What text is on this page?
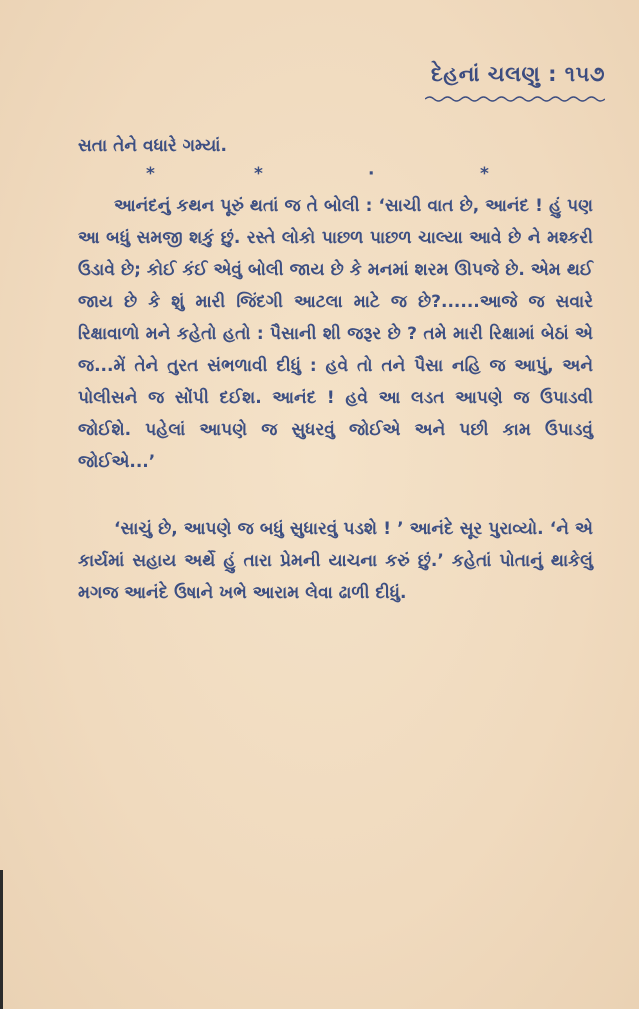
દેહનાં ચલણુ : ૧૫૭
સતા તેને વધારે ગમ્યાં.
*	*	·	*
આનંદનું કથન પૂરું થતાં જ તે બોલી : ‘સાચી વાત છે, આનંદ ! હું પણ આ બધું સમજી શકું છું. રસ્તે લોકો પાછળ પાછળ ચાલ્યા આવે છે ને મશ્કરી ઉડાવે છે; કોઈ કંઈ એવું બોલી જાય છે કે મનમાં શરમ ઊપજે છે. એમ થઈ જાય છે કે શું મારી જિંદગી આટલા માટે જ છે?......આજે જ સવારે રિક્ષાવાળો મને કહેતો હતો : પૈસાની શી જરૂર છે ? તમે મારી રિક્ષામાં બેઠાં એ જ...મેં તેને તુરત સંભળાવી દીધું : હવે તો તને પૈસા નહિ જ આપું, અને પોલીસને જ સોંપી દઈશ. આનંદ ! હવે આ લડત આપણે જ ઉપાડવી જોઈશે. પહેલાં આપણે જ સુધરવું જોઈએ અને પછી કામ ઉપાડવું જોઈએ...’
‘સાચું છે, આપણે જ બધું સુધારવું પડશે ! ’ આનંદે સૂર પુરાવ્યો. ‘ને એ કાર્યમાં સહાય અર્થે હું તારા પ્રેમની યાચના કરું છું.’ કહેતાં પોતાનું થાકેલું મગજ આનંદે ઉષાને ખભે આરામ લેવા ઢાળી દીધું.
